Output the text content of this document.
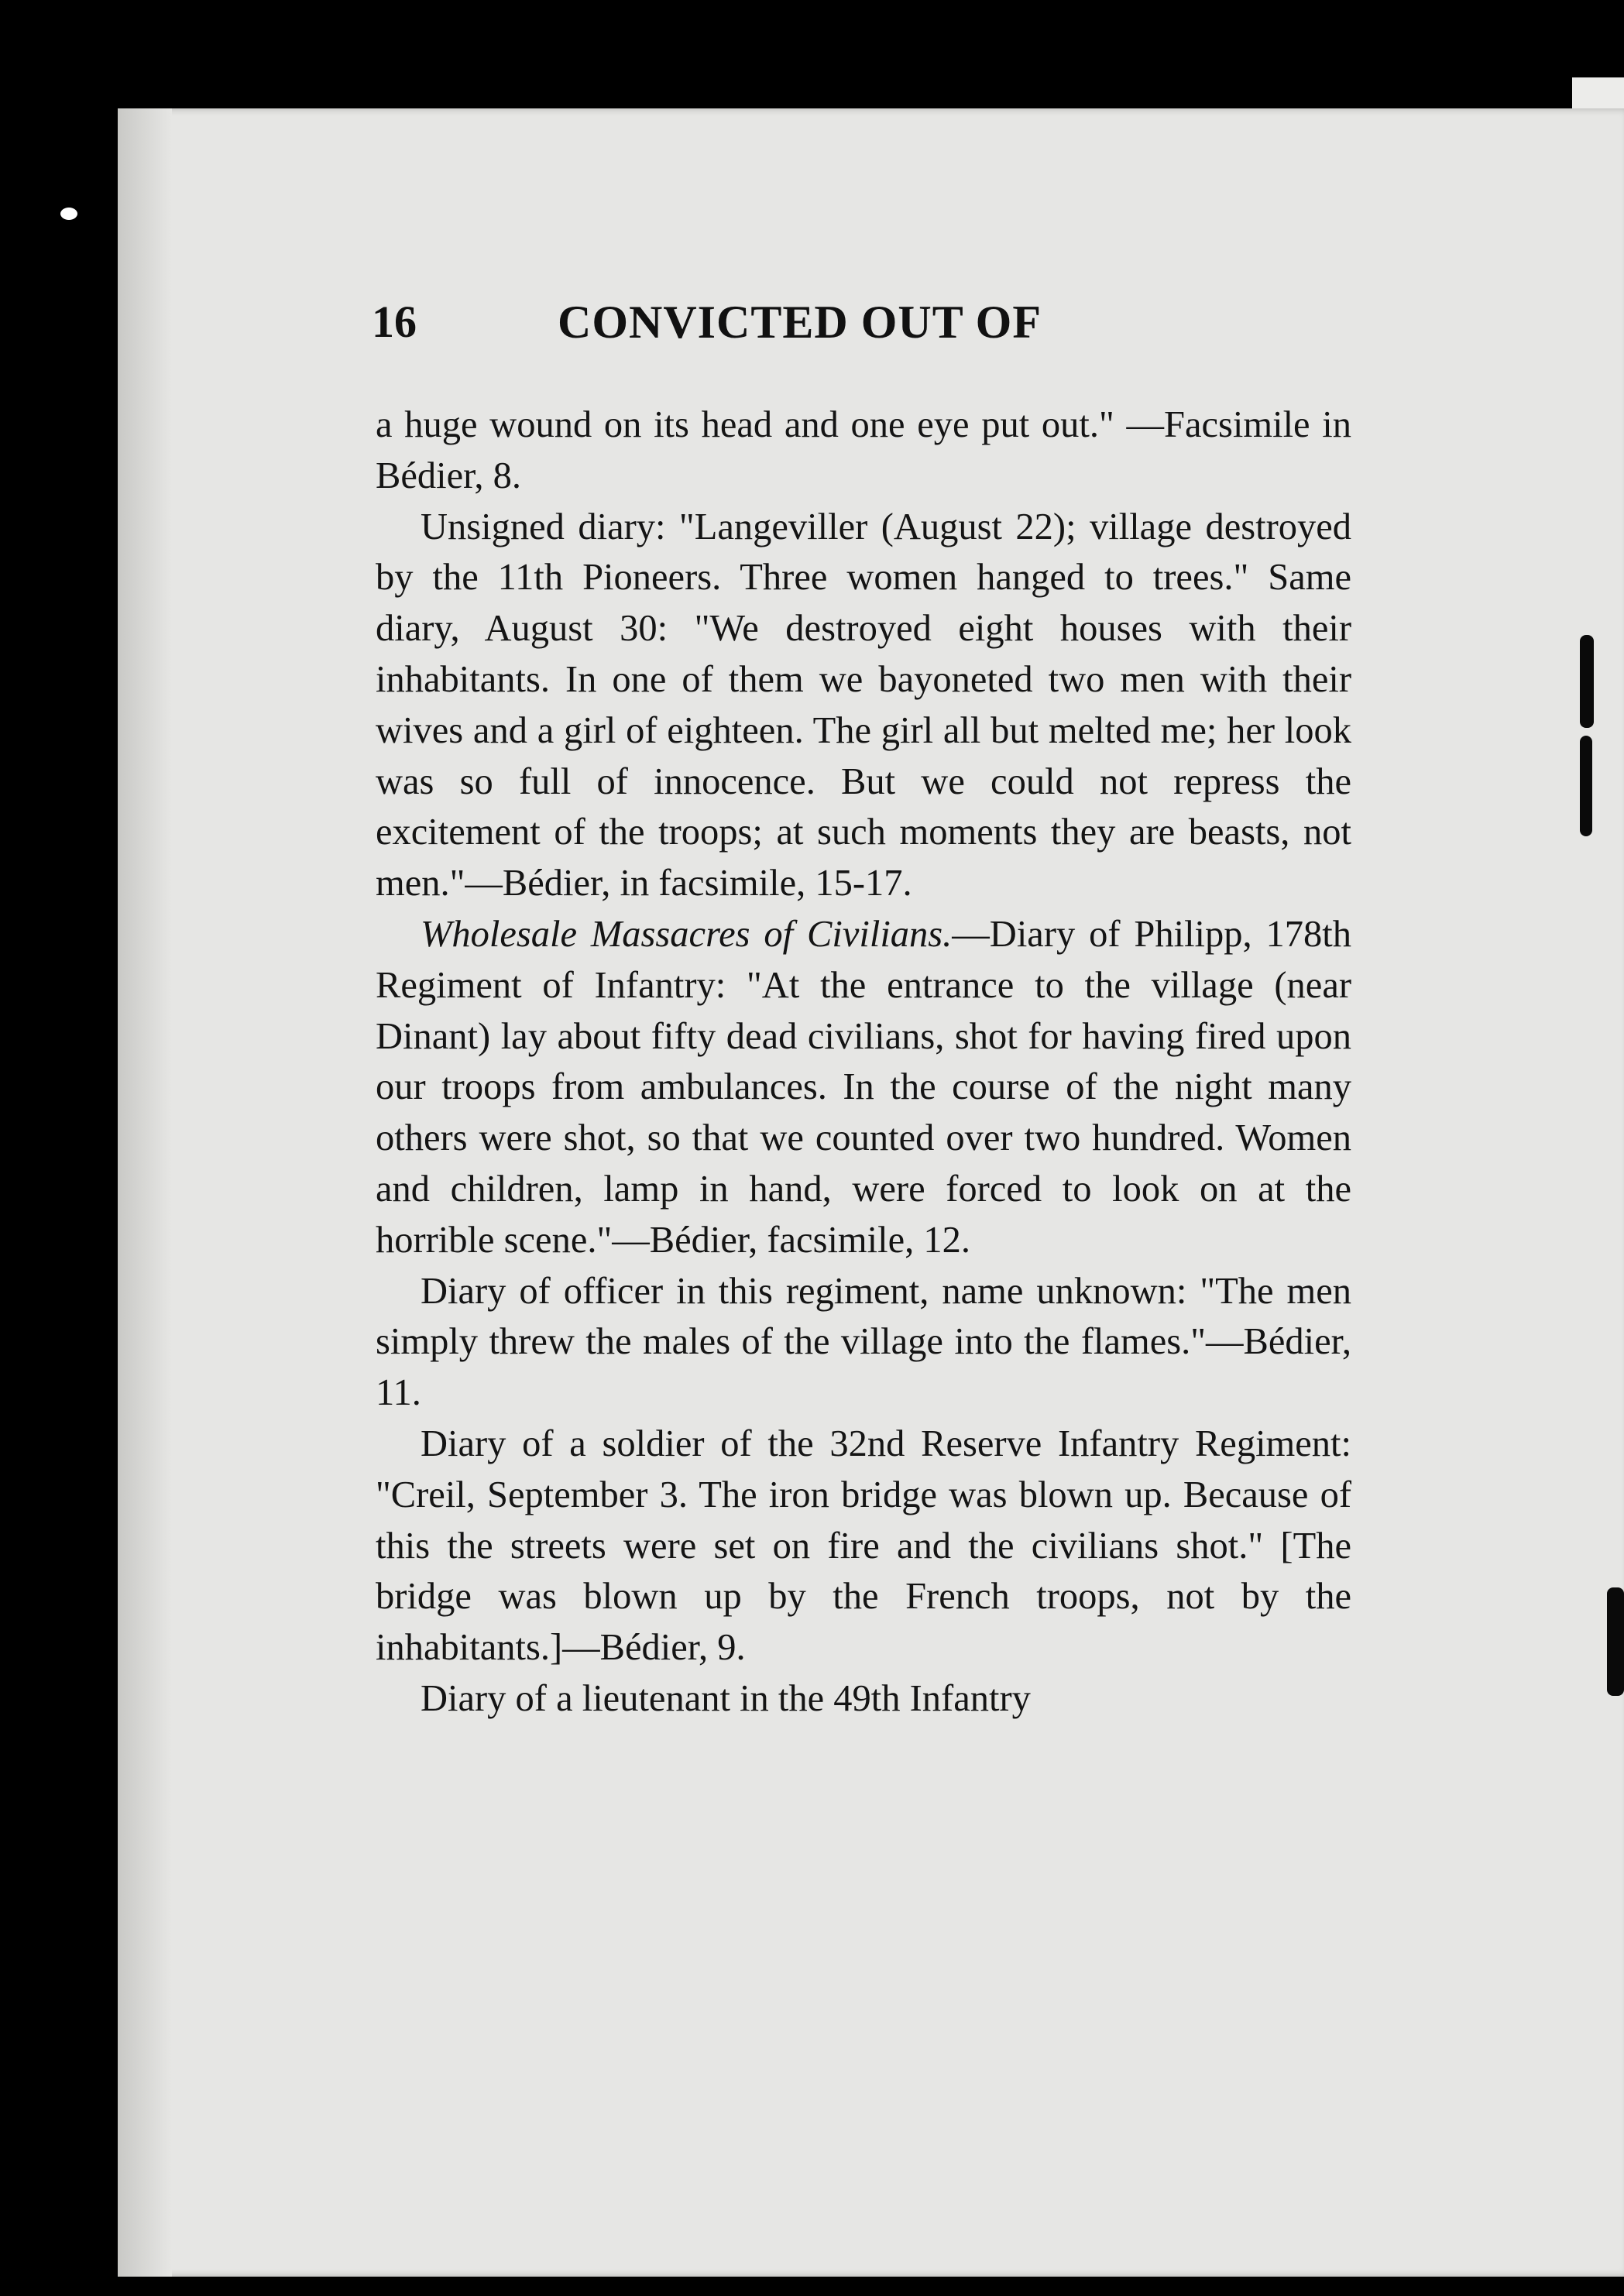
16	CONVICTED OUT OF

a huge wound on its head and one eye put out." —Facsimile in Bédier, 8.

Unsigned diary: "Langeviller (August 22); village destroyed by the 11th Pioneers. Three women hanged to trees." Same diary, August 30: "We destroyed eight houses with their inhabitants. In one of them we bayoneted two men with their wives and a girl of eighteen. The girl all but melted me; her look was so full of innocence. But we could not repress the excitement of the troops; at such moments they are beasts, not men."—Bédier, in facsimile, 15-17.

Wholesale Massacres of Civilians.—Diary of Philipp, 178th Regiment of Infantry: "At the entrance to the village (near Dinant) lay about fifty dead civilians, shot for having fired upon our troops from ambulances. In the course of the night many others were shot, so that we counted over two hundred. Women and children, lamp in hand, were forced to look on at the horrible scene."—Bédier, facsimile, 12.

Diary of officer in this regiment, name unknown: "The men simply threw the males of the village into the flames."—Bédier, 11.

Diary of a soldier of the 32nd Reserve Infantry Regiment: "Creil, September 3. The iron bridge was blown up. Because of this the streets were set on fire and the civilians shot." [The bridge was blown up by the French troops, not by the inhabitants.]—Bédier, 9.

Diary of a lieutenant in the 49th Infantry
